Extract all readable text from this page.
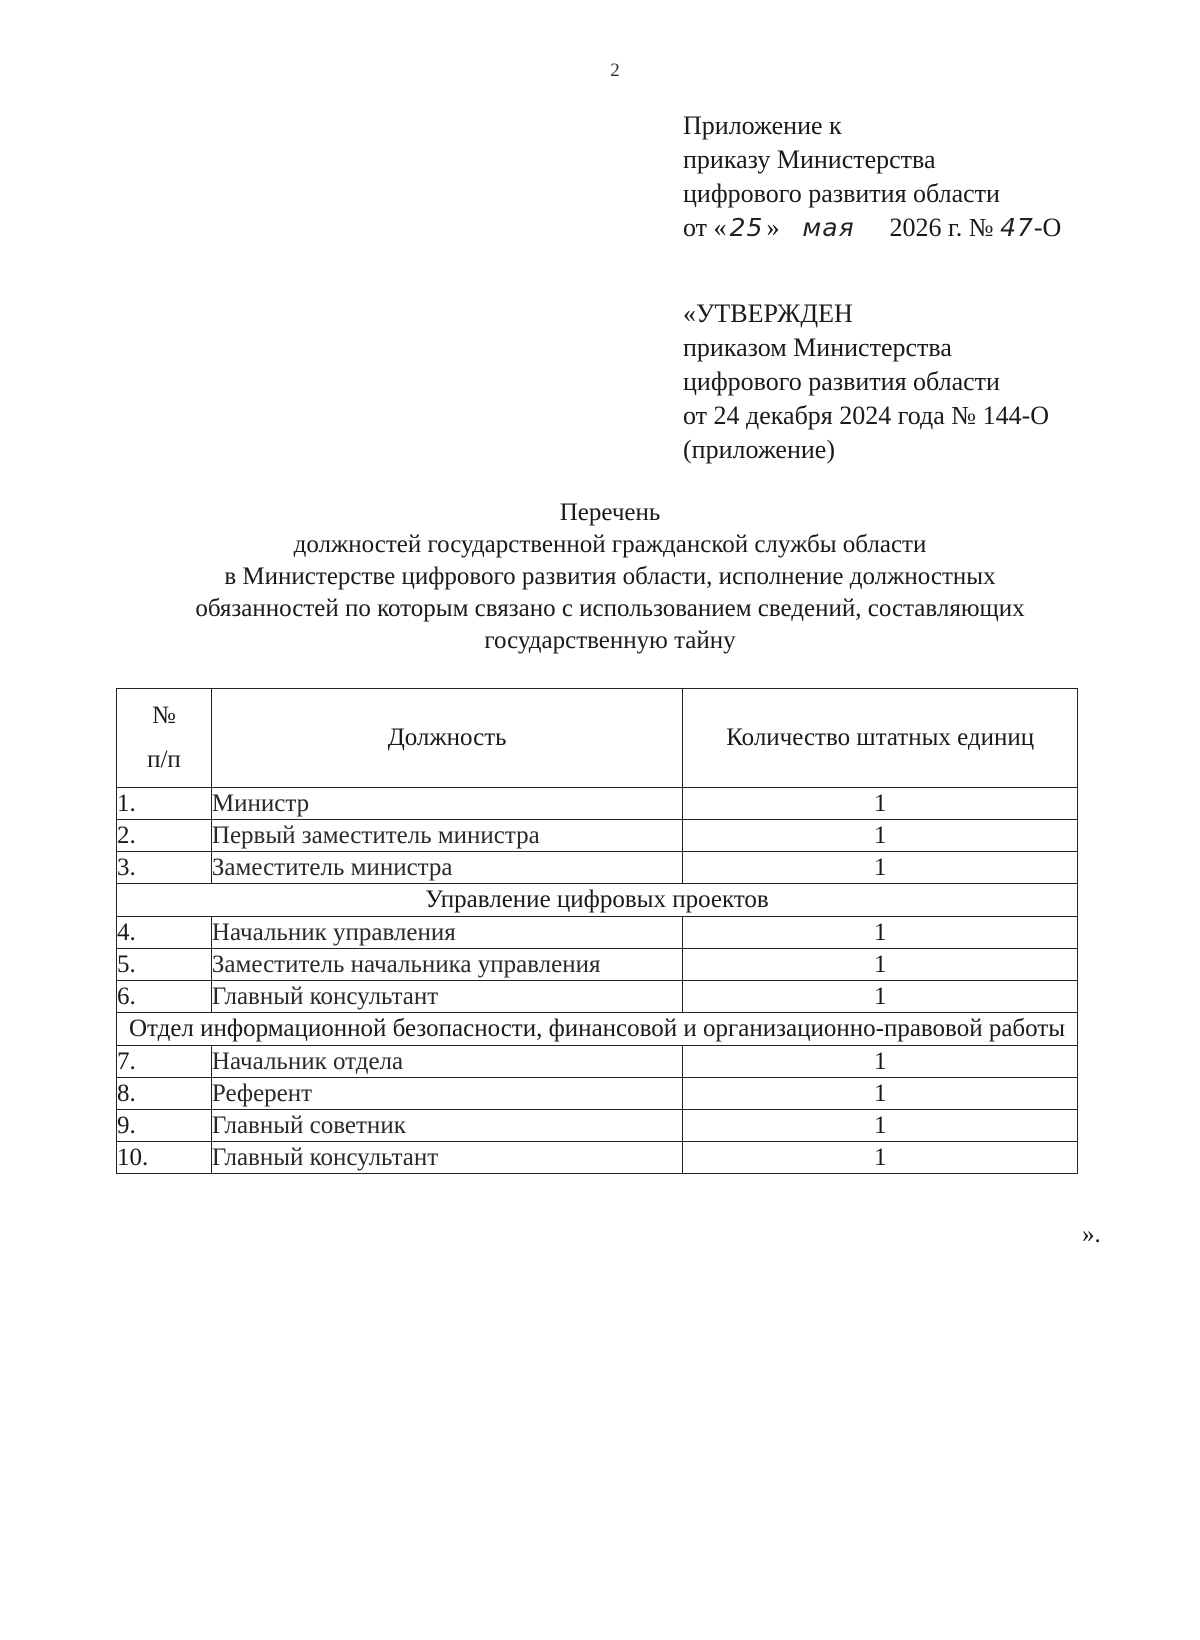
2
Приложение к
приказу Министерства
цифрового развития области
от « 25 » мая 2026 г. № 47-О
«УТВЕРЖДЕН
приказом Министерства
цифрового развития области
от 24 декабря 2024 года № 144-О
(приложение)
Перечень
должностей государственной гражданской службы области
в Министерстве цифрового развития области, исполнение должностных
обязанностей по которым связано с использованием сведений, составляющих
государственную тайну
№
п/п	Должность	Количество штатных единиц
1.	Министр	1
2.	Первый заместитель министра	1
3.	Заместитель министра	1
Управление цифровых проектов		
4.	Начальник управления	1
5.	Заместитель начальника управления	1
6.	Главный консультант	1
Отдел информационной безопасности, финансовой и организационно-правовой работы		
7.	Начальник отдела	1
8.	Референт	1
9.	Главный советник	1
10.	Главный консультант	1
».
